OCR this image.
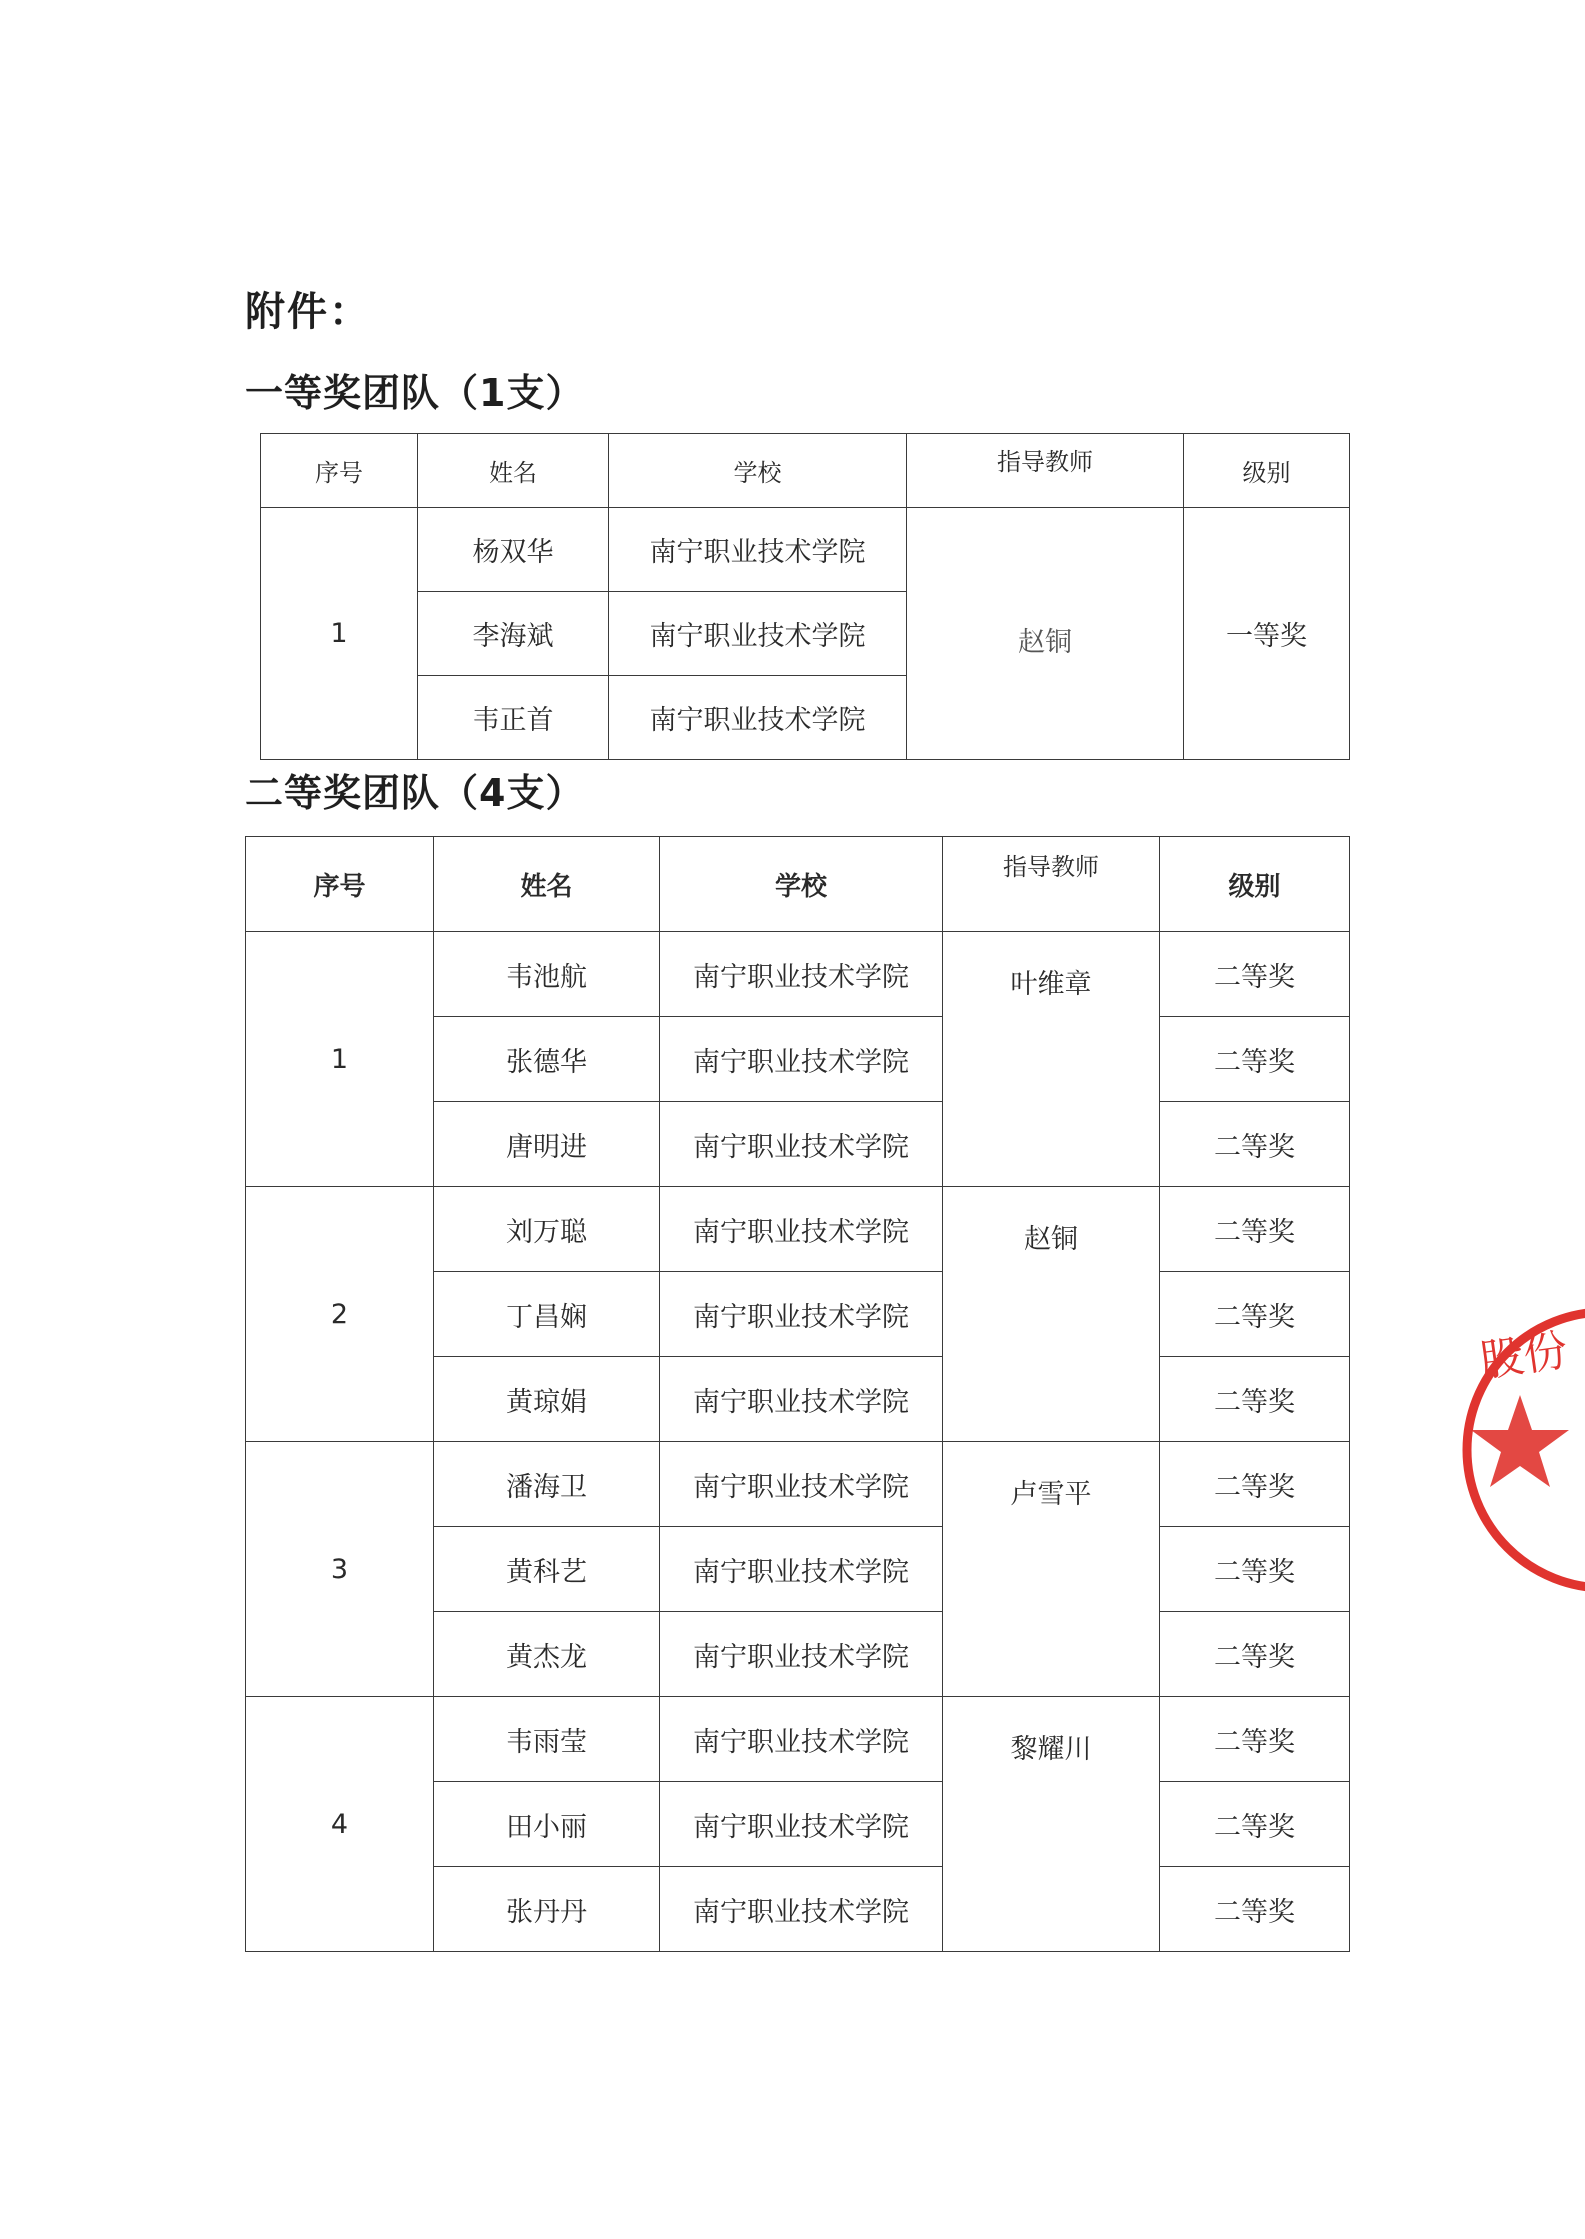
附件：
一等奖团队（1支）
序号	姓名	学校	指导教师	级别
1	杨双华	南宁职业技术学院	赵铜	一等奖
	李海斌	南宁职业技术学院		
	韦正首	南宁职业技术学院		
二等奖团队（4支）
序号	姓名	学校	指导教师	级别
1	韦池航	南宁职业技术学院	叶维章	二等奖
	张德华	南宁职业技术学院		二等奖
	唐明进	南宁职业技术学院		二等奖
2	刘万聪	南宁职业技术学院	赵铜	二等奖
	丁昌娴	南宁职业技术学院		二等奖
	黄琼娟	南宁职业技术学院		二等奖
3	潘海卫	南宁职业技术学院	卢雪平	二等奖
	黄科艺	南宁职业技术学院		二等奖
	黄杰龙	南宁职业技术学院		二等奖
4	韦雨莹	南宁职业技术学院	黎耀川	二等奖
	田小丽	南宁职业技术学院		二等奖
	张丹丹	南宁职业技术学院		二等奖
股份
